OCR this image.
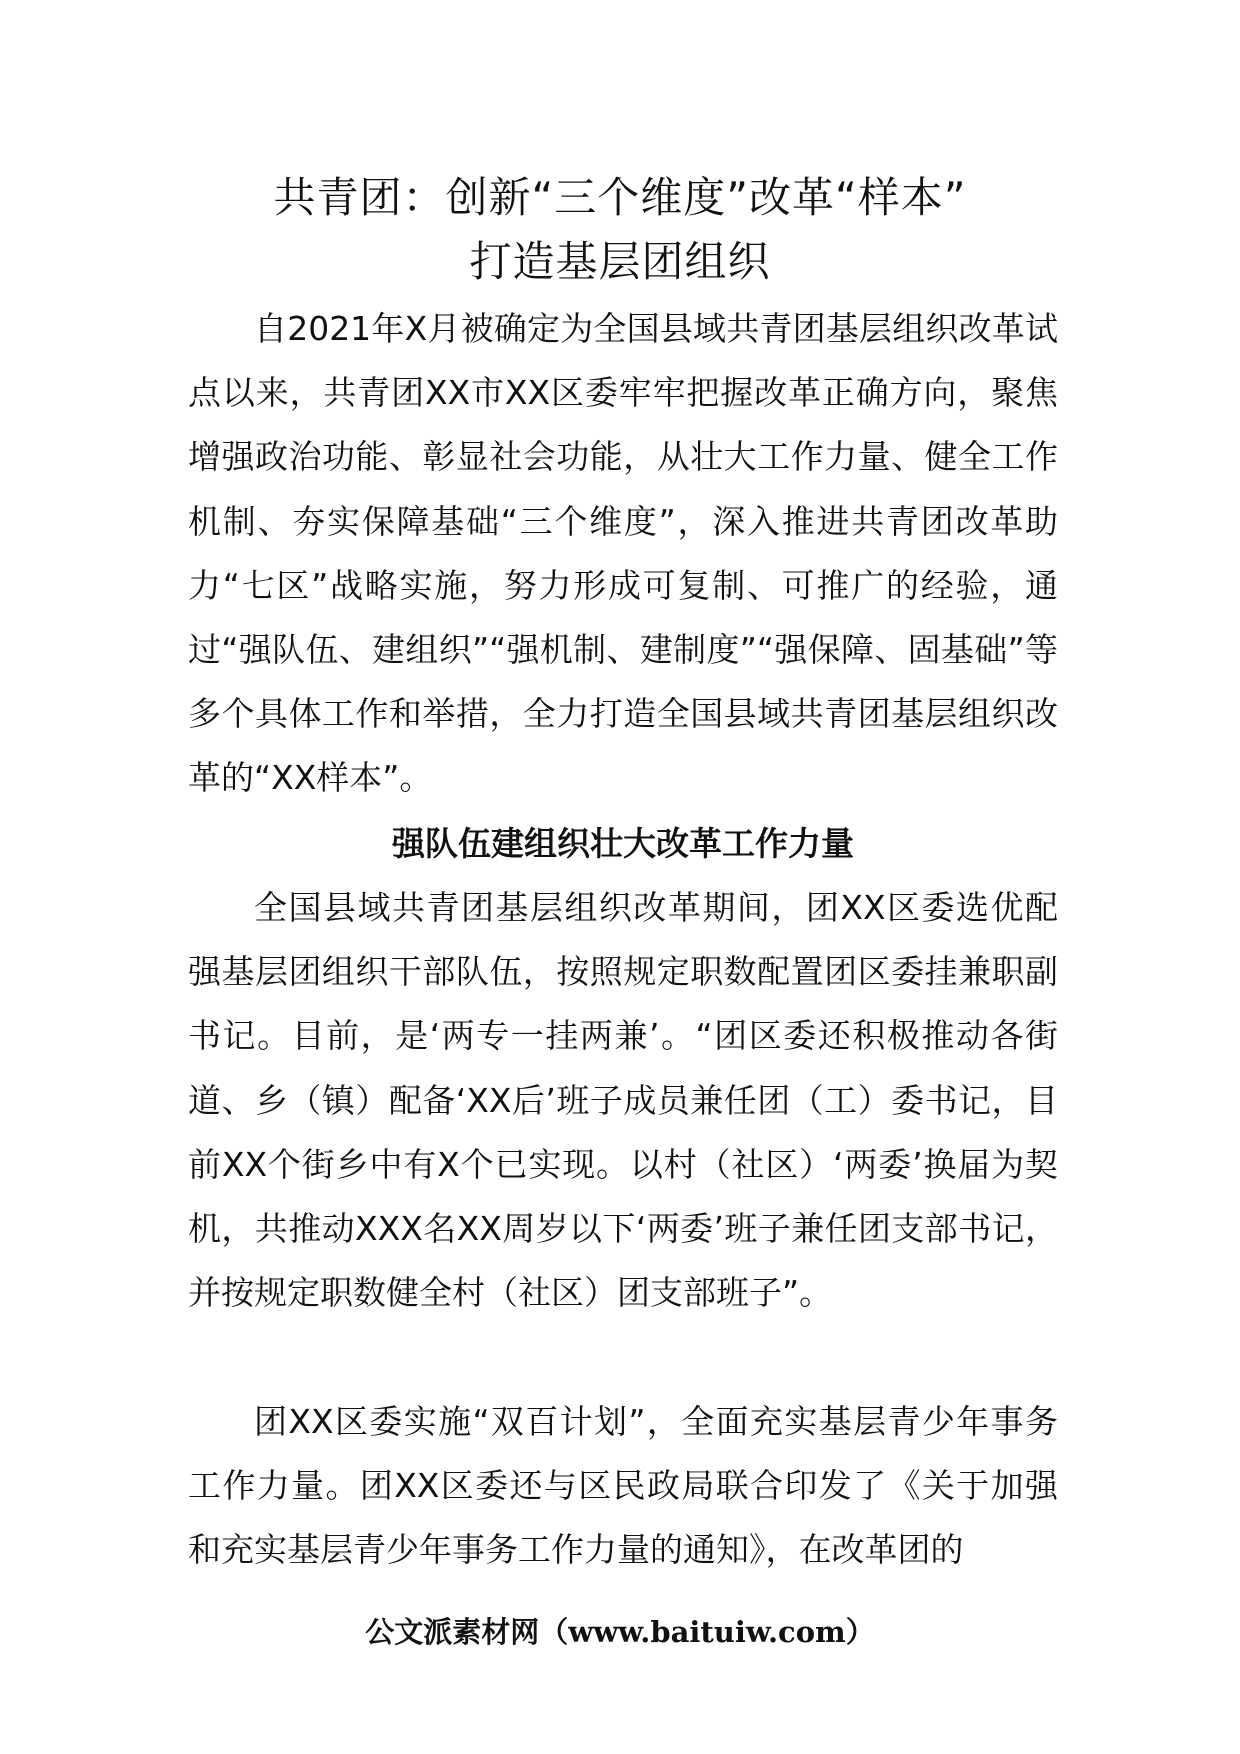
共青团：创新“三个维度”改革“样本”
打造基层团组织

自2021年X月被确定为全国县域共青团基层组织改革试点以来，共青团XX市XX区委牢牢把握改革正确方向，聚焦增强政治功能、彰显社会功能，从壮大工作力量、健全工作机制、夯实保障基础“三个维度”，深入推进共青团改革助力“七区”战略实施，努力形成可复制、可推广的经验，通过“强队伍、建组织”“强机制、建制度”“强保障、固基础”等多个具体工作和举措，全力打造全国县域共青团基层组织改革的“XX样本”。

强队伍建组织壮大改革工作力量

全国县域共青团基层组织改革期间，团XX区委选优配强基层团组织干部队伍，按照规定职数配置团区委挂兼职副书记。目前，是‘两专一挂两兼’。“团区委还积极推动各街道、乡（镇）配备‘XX后’班子成员兼任团（工）委书记，目前XX个街乡中有X个已实现。以村（社区）‘两委’换届为契机，共推动XXX名XX周岁以下‘两委’班子兼任团支部书记，并按规定职数健全村（社区）团支部班子”。

团XX区委实施“双百计划”，全面充实基层青少年事务工作力量。团XX区委还与区民政局联合印发了《关于加强和充实基层青少年事务工作力量的通知》，在改革团的

公文派素材网（www.baituiw.com）
